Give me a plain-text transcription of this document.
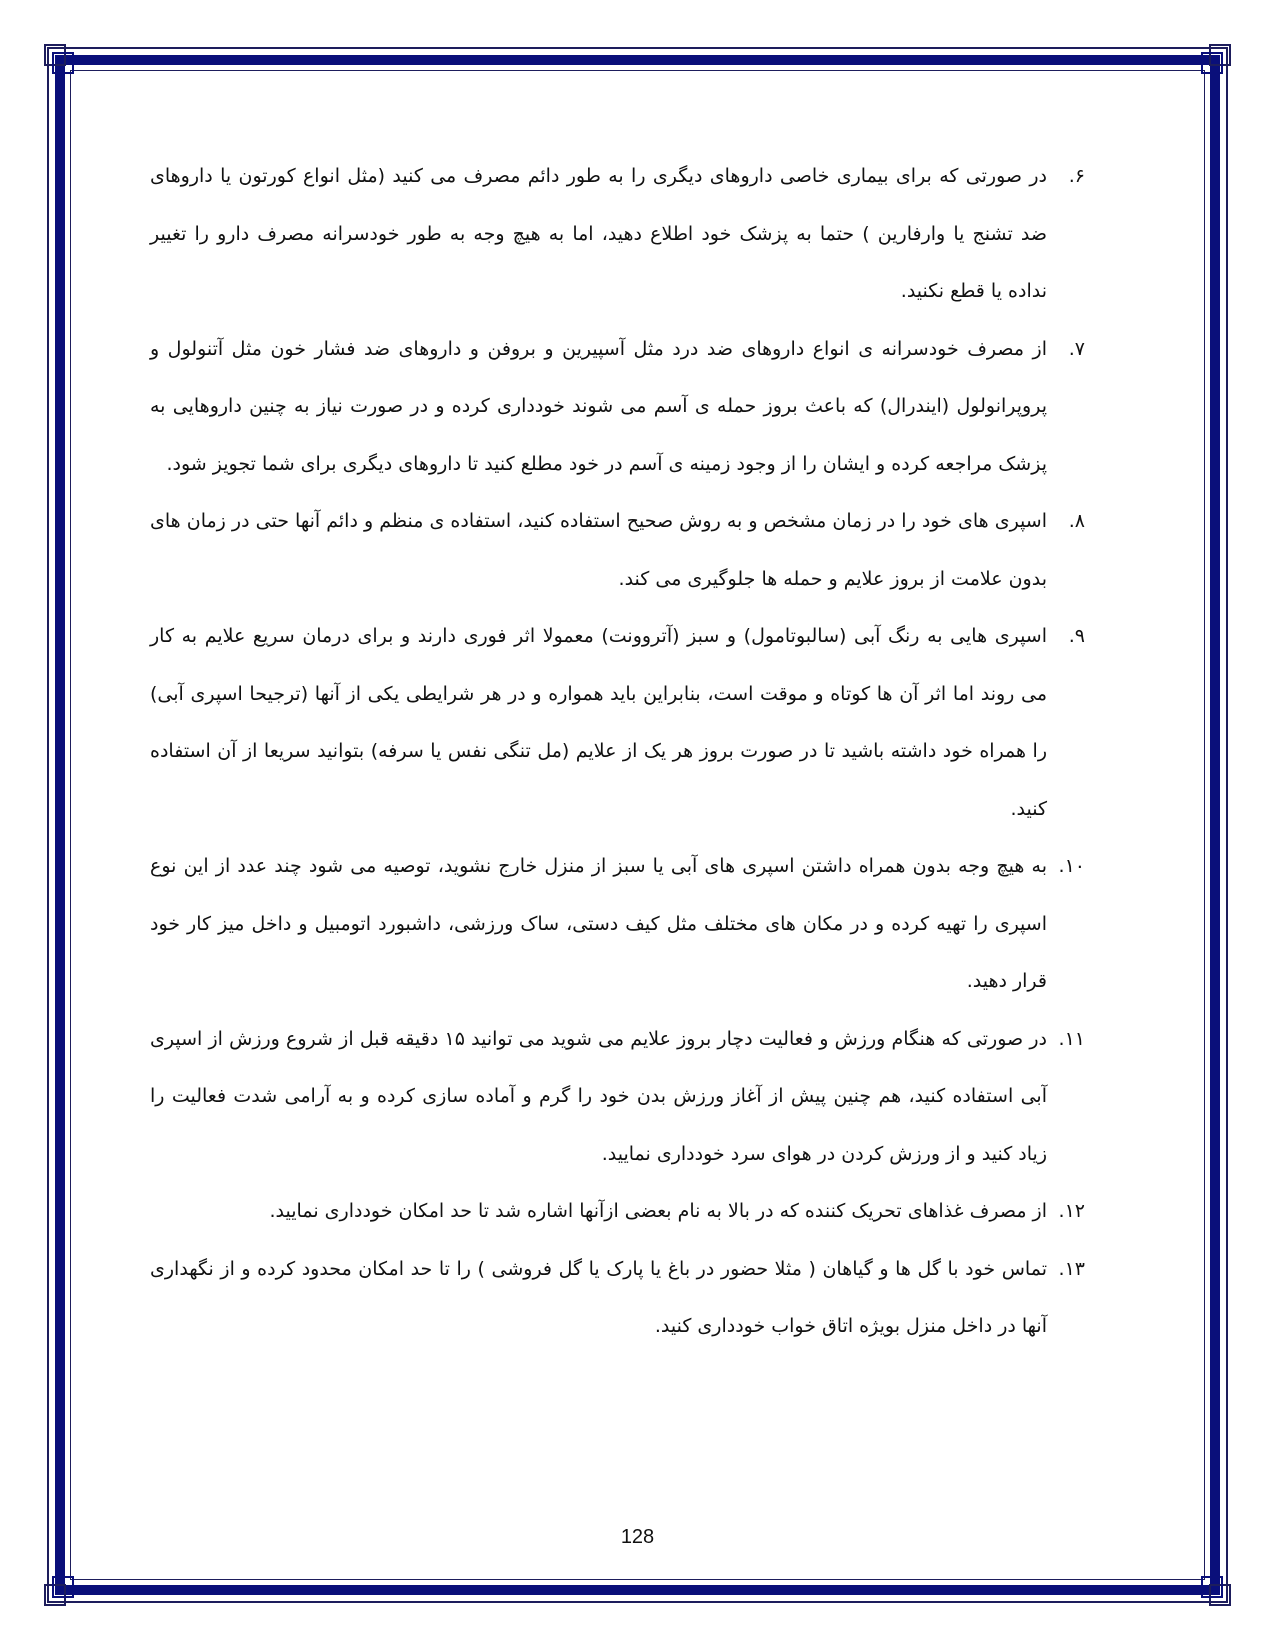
۶.
در صورتی که برای بیماری خاصی داروهای دیگری را به طور دائم مصرف می کنید (مثل انواع کورتون یا داروهای ضد تشنج یا وارفارین ) حتما به پزشک خود اطلاع دهید، اما به هیچ وجه به طور خودسرانه مصرف دارو را تغییر نداده یا قطع نکنید.
۷.
از مصرف خودسرانه ی انواع داروهای ضد درد مثل آسپیرین و بروفن و داروهای ضد فشار خون مثل آتنولول و پروپرانولول (ایندرال) که باعث بروز حمله ی آسم می شوند خودداری کرده و در صورت نیاز به چنین داروهایی به پزشک مراجعه کرده و ایشان را از وجود زمینه ی آسم در خود مطلع کنید تا داروهای دیگری برای شما تجویز شود.
۸.
اسپری های خود را در زمان مشخص و به روش صحیح استفاده کنید، استفاده ی منظم و دائم آنها حتی در زمان های بدون علامت از بروز علایم و حمله ها جلوگیری می کند.
۹.
اسپری هایی به رنگ آبی (سالبوتامول) و سبز (آتروونت) معمولا اثر فوری دارند و برای درمان سریع علایم به کار می روند اما اثر آن ها کوتاه و موقت است، بنابراین باید همواره و در هر شرایطی یکی از آنها (ترجیحا اسپری آبی) را همراه خود داشته باشید تا در صورت بروز هر یک از علایم (مل تنگی نفس یا سرفه) بتوانید سریعا از آن استفاده کنید.
۱۰.
به هیچ وجه بدون همراه داشتن اسپری های آبی یا سبز از منزل خارج نشوید، توصیه می شود چند عدد از این نوع اسپری را تهیه کرده و در مکان های مختلف مثل کیف دستی، ساک ورزشی، داشبورد اتومبیل و داخل میز کار خود قرار دهید.
۱۱.
در صورتی که هنگام ورزش و فعالیت دچار بروز علایم می شوید می توانید ۱۵ دقیقه قبل از شروع ورزش از اسپری آبی استفاده کنید، هم چنین پیش از آغاز ورزش بدن خود را گرم و آماده سازی کرده و به آرامی شدت فعالیت را زیاد کنید و از ورزش کردن در هوای سرد خودداری نمایید.
۱۲.
از مصرف غذاهای تحریک کننده که در بالا به نام بعضی ازآنها اشاره شد تا حد امکان خودداری نمایید.
۱۳.
تماس خود با گل ها و گیاهان ( مثلا حضور در باغ یا پارک یا گل فروشی ) را تا حد امکان محدود کرده و از نگهداری آنها در داخل منزل بویژه اتاق خواب خودداری کنید.
128
